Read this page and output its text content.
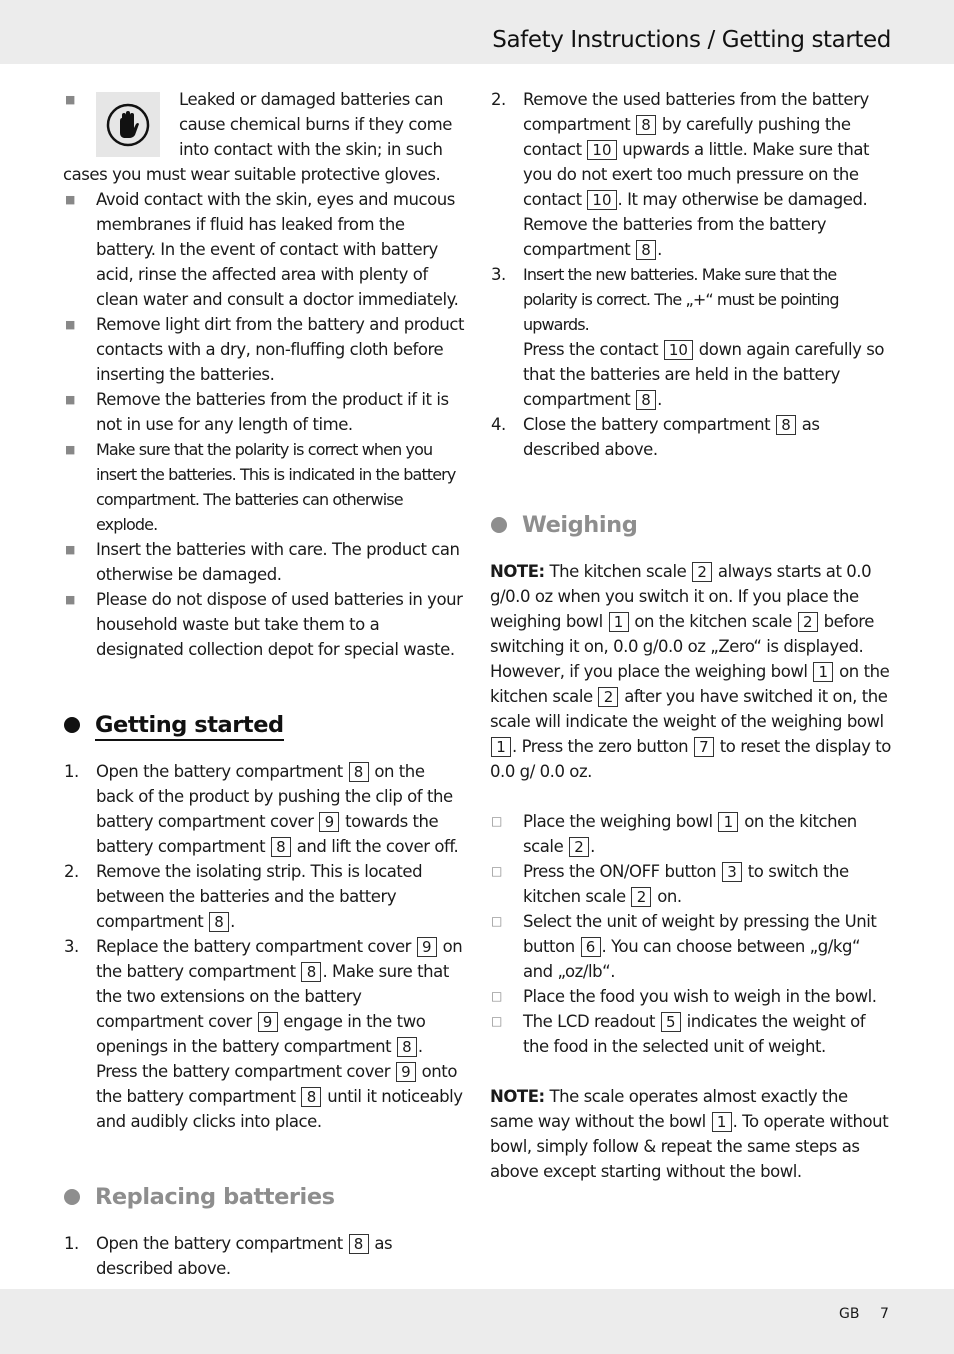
Safety Instructions / Getting started
■	Leaked or damaged batteries can cause chemical burns if they come into contact with the skin; in such cases you must wear suitable protective gloves.
■ Avoid contact with the skin, eyes and mucous membranes if fluid has leaked from the battery. In the event of contact with battery acid, rinse the affected area with plenty of clean water and consult a doctor immediately.
■ Remove light dirt from the battery and product contacts with a dry, non-fluffing cloth before inserting the batteries.
■ Remove the batteries from the product if it is not in use for any length of time.
■ Make sure that the polarity is correct when you insert the batteries. This is indicated in the battery compartment. The batteries can otherwise explode.
■ Insert the batteries with care. The product can otherwise be damaged.
■ Please do not dispose of used batteries in your household waste but take them to a designated collection depot for special waste.
Getting started
1. Open the battery compartment 8 on the back of the product by pushing the clip of the battery compartment cover 9 towards the battery compartment 8 and lift the cover off.
2. Remove the isolating strip. This is located between the batteries and the battery compartment 8 .
3. Replace the battery compartment cover 9 on the battery compartment 8 . Make sure that the two extensions on the battery compartment cover 9 engage in the two openings in the battery compartment 8 . Press the battery compartment cover 9 onto the battery compartment 8 until it noticeably and audibly clicks into place.
Replacing batteries
1. Open the battery compartment 8 as described above.
2. Remove the used batteries from the battery compartment 8 by carefully pushing the contact 10 upwards a little. Make sure that you do not exert too much pressure on the contact 10 . It may otherwise be damaged.
Remove the batteries from the battery compartment 8 .
3. Insert the new batteries. Make sure that the polarity is correct. The „+“ must be pointing upwards.
Press the contact 10 down again carefully so that the batteries are held in the battery compartment 8 .
4. Close the battery compartment 8 as described above.
Weighing

NOTE: The kitchen scale 2 always starts at 0.0 g/0.0 oz when you switch it on. If you place the weighing bowl 1 on the kitchen scale 2 before switching it on, 0.0 g/0.0 oz „Zero“ is displayed.

However, if you place the weighing bowl 1 on the kitchen scale 2 after you have switched it on, the scale will indicate the weight of the weighing bowl 1 . Press the zero button 7 to reset the display to 0.0 g/ 0.0 oz.

□ Place the weighing bowl 1 on the kitchen scale 2 .
□ Press the ON/OFF button 3 to switch the kitchen scale 2 on.
□ Select the unit of weight by pressing the Unit button 6 . You can choose between „g/kg“ and „oz/lb“.
□ Place the food you wish to weigh in the bowl.
□ The LCD readout 5 indicates the weight of the food in the selected unit of weight.

NOTE: The scale operates almost exactly the same way without the bowl 1 . To operate without bowl, simply follow & repeat the same steps as above except starting without the bowl.

GB 7
